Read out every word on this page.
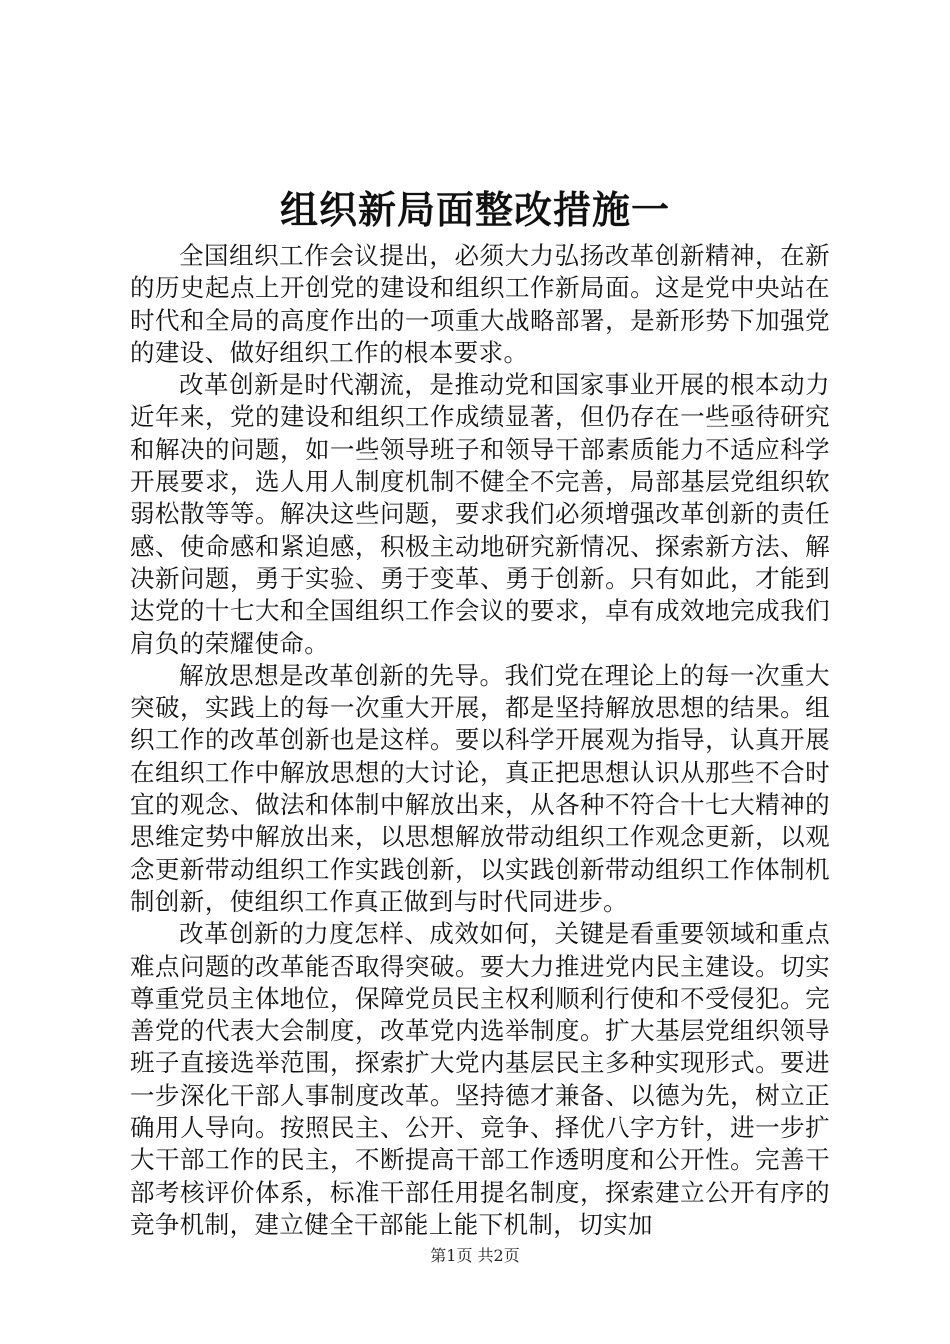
组织新局面整改措施一

全国组织工作会议提出，必须大力弘扬改革创新精神，在新的历史起点上开创党的建设和组织工作新局面。这是党中央站在时代和全局的高度作出的一项重大战略部署，是新形势下加强党的建设、做好组织工作的根本要求。

改革创新是时代潮流，是推动党和国家事业开展的根本动力近年来，党的建设和组织工作成绩显著，但仍存在一些亟待研究和解决的问题，如一些领导班子和领导干部素质能力不适应科学开展要求，选人用人制度机制不健全不完善，局部基层党组织软弱松散等等。解决这些问题，要求我们必须增强改革创新的责任感、使命感和紧迫感，积极主动地研究新情况、探索新方法、解决新问题，勇于实验、勇于变革、勇于创新。只有如此，才能到达党的十七大和全国组织工作会议的要求，卓有成效地完成我们肩负的荣耀使命。

解放思想是改革创新的先导。我们党在理论上的每一次重大突破，实践上的每一次重大开展，都是坚持解放思想的结果。组织工作的改革创新也是这样。要以科学开展观为指导，认真开展在组织工作中解放思想的大讨论，真正把思想认识从那些不合时宜的观念、做法和体制中解放出来，从各种不符合十七大精神的思维定势中解放出来，以思想解放带动组织工作观念更新，以观念更新带动组织工作实践创新，以实践创新带动组织工作体制机制创新，使组织工作真正做到与时代同进步。

改革创新的力度怎样、成效如何，关键是看重要领域和重点难点问题的改革能否取得突破。要大力推进党内民主建设。切实尊重党员主体地位，保障党员民主权利顺利行使和不受侵犯。完善党的代表大会制度，改革党内选举制度。扩大基层党组织领导班子直接选举范围，探索扩大党内基层民主多种实现形式。要进一步深化干部人事制度改革。坚持德才兼备、以德为先，树立正确用人导向。按照民主、公开、竞争、择优八字方针，进一步扩大干部工作的民主，不断提高干部工作透明度和公开性。完善干部考核评价体系，标准干部任用提名制度，探索建立公开有序的竞争机制，建立健全干部能上能下机制，切实加

第1页 共2页
